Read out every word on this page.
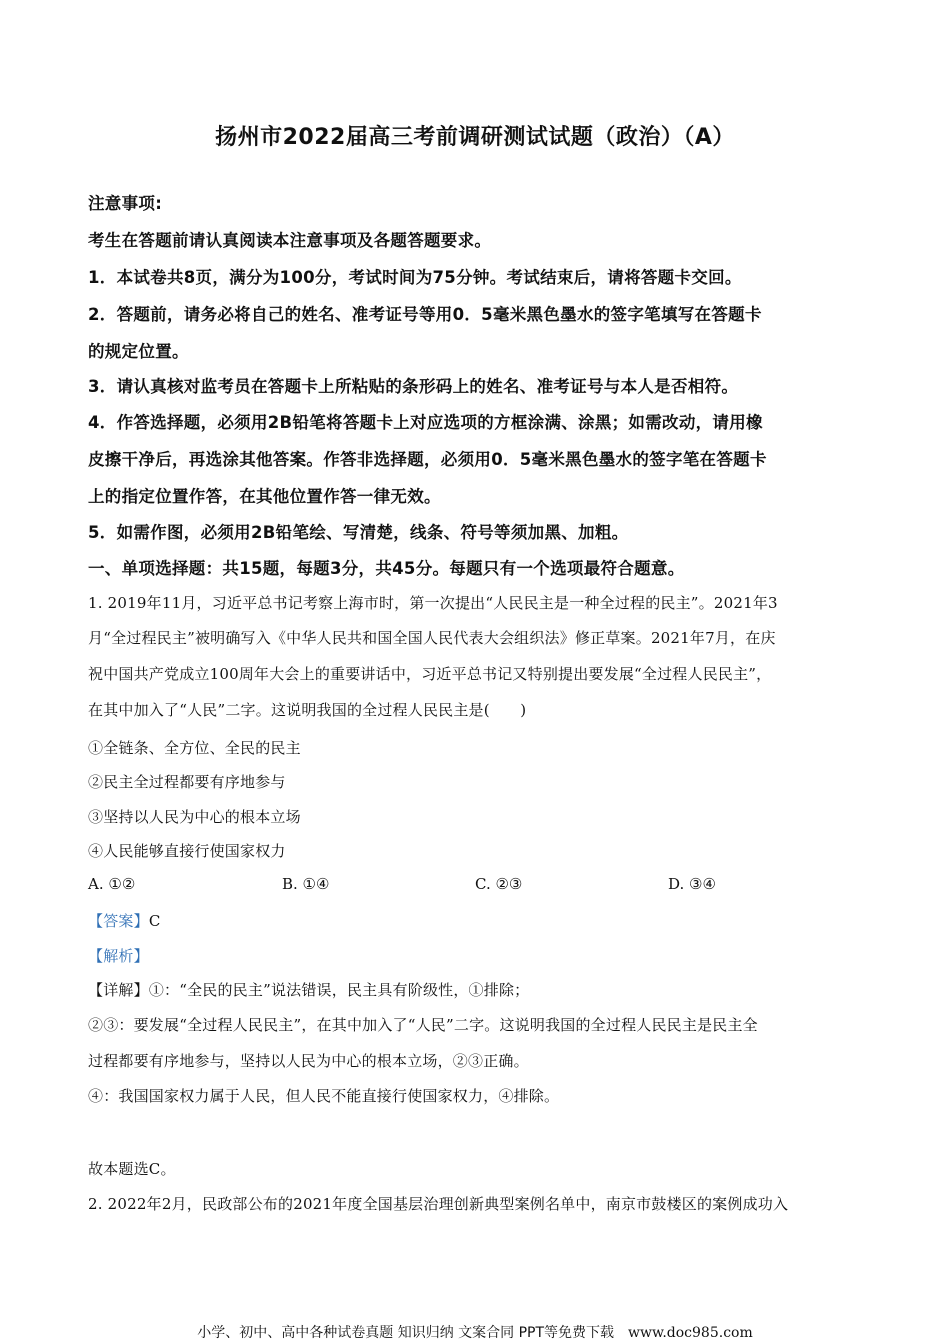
扬州市2022届高三考前调研测试试题（政治）（A）
注意事项:
考生在答题前请认真阅读本注意事项及各题答题要求。
1．本试卷共8页，满分为100分，考试时间为75分钟。考试结束后，请将答题卡交回。
2．答题前，请务必将自己的姓名、准考证号等用0．5毫米黑色墨水的签字笔填写在答题卡
的规定位置。
3．请认真核对监考员在答题卡上所粘贴的条形码上的姓名、准考证号与本人是否相符。
4．作答选择题，必须用2B铅笔将答题卡上对应选项的方框涂满、涂黑；如需改动，请用橡
皮擦干净后，再选涂其他答案。作答非选择题，必须用0．5毫米黑色墨水的签字笔在答题卡
上的指定位置作答，在其他位置作答一律无效。
5．如需作图，必须用2B铅笔绘、写清楚，线条、符号等须加黑、加粗。
一、单项选择题：共15题，每题3分，共45分。每题只有一个选项最符合题意。
1. 2019年11月，习近平总书记考察上海市时，第一次提出“人民民主是一种全过程的民主”。2021年3
月“全过程民主”被明确写入《中华人民共和国全国人民代表大会组织法》修正草案。2021年7月，在庆
祝中国共产党成立100周年大会上的重要讲话中，习近平总书记又特别提出要发展“全过程人民民主”，
在其中加入了“人民”二字。这说明我国的全过程人民民主是(　　)
①全链条、全方位、全民的民主
②民主全过程都要有序地参与
③坚持以人民为中心的根本立场
④人民能够直接行使国家权力
A. ①②	B. ①④	C. ②③	D. ③④
【答案】C
【解析】
【详解】①：“全民的民主”说法错误，民主具有阶级性，①排除；
②③：要发展“全过程人民民主”，在其中加入了“人民”二字。这说明我国的全过程人民民主是民主全
过程都要有序地参与，坚持以人民为中心的根本立场，②③正确。
④：我国国家权力属于人民，但人民不能直接行使国家权力，④排除。
故本题选C。
2. 2022年2月，民政部公布的2021年度全国基层治理创新典型案例名单中，南京市鼓楼区的案例成功入
小学、初中、高中各种试卷真题 知识归纳 文案合同 PPT等免费下载 www.doc985.com
